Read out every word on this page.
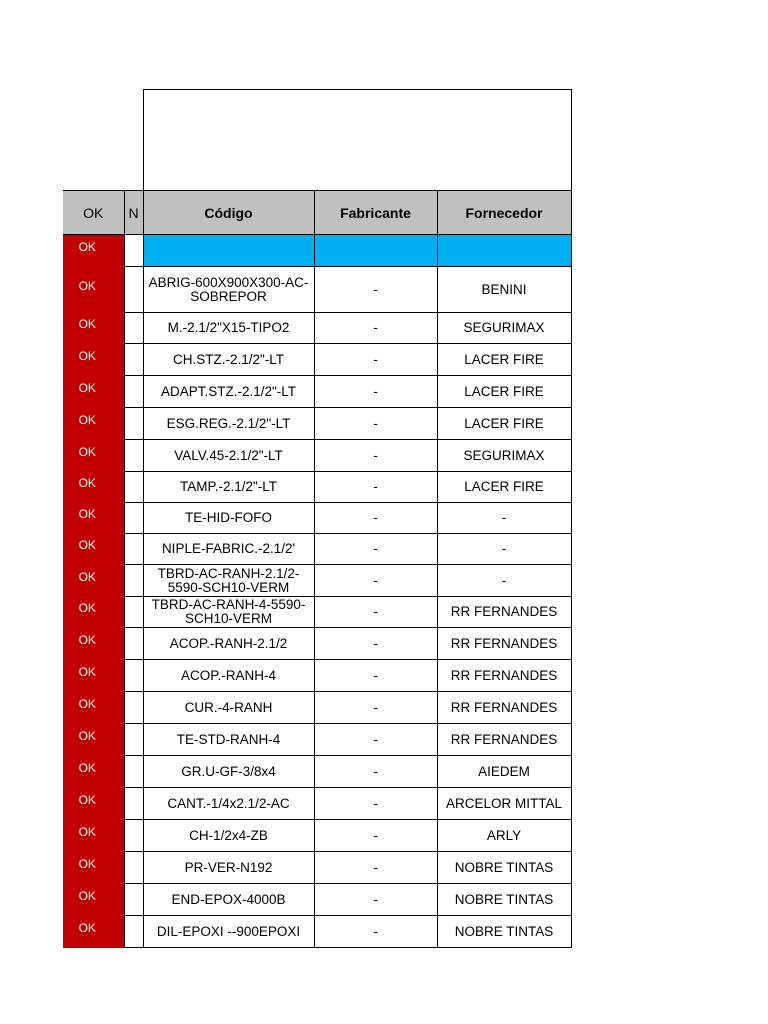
OK	N	Código	Fabricante	Fornecedor
OK				
OK		ABRIG-600X900X300-AC-SOBREPOR	-	BENINI
OK		M.-2.1/2"X15-TIPO2	-	SEGURIMAX
OK		CH.STZ.-2.1/2"-LT	-	LACER FIRE
OK		ADAPT.STZ.-2.1/2"-LT	-	LACER FIRE
OK		ESG.REG.-2.1/2"-LT	-	LACER FIRE
OK		VALV.45-2.1/2"-LT	-	SEGURIMAX
OK		TAMP.-2.1/2"-LT	-	LACER FIRE
OK		TE-HID-FOFO	-	-
OK		NIPLE-FABRIC.-2.1/2'	-	-
OK		TBRD-AC-RANH-2.1/2-5590-SCH10-VERM	-	-
OK		TBRD-AC-RANH-4-5590-SCH10-VERM	-	RR FERNANDES
OK		ACOP.-RANH-2.1/2	-	RR FERNANDES
OK		ACOP.-RANH-4	-	RR FERNANDES
OK		CUR.-4-RANH	-	RR FERNANDES
OK		TE-STD-RANH-4	-	RR FERNANDES
OK		GR.U-GF-3/8x4	-	AIEDEM
OK		CANT.-1/4x2.1/2-AC	-	ARCELOR MITTAL
OK		CH-1/2x4-ZB	-	ARLY
OK		PR-VER-N192	-	NOBRE TINTAS
OK		END-EPOX-4000B	-	NOBRE TINTAS
OK		DIL-EPOXI --900EPOXI	-	NOBRE TINTAS
